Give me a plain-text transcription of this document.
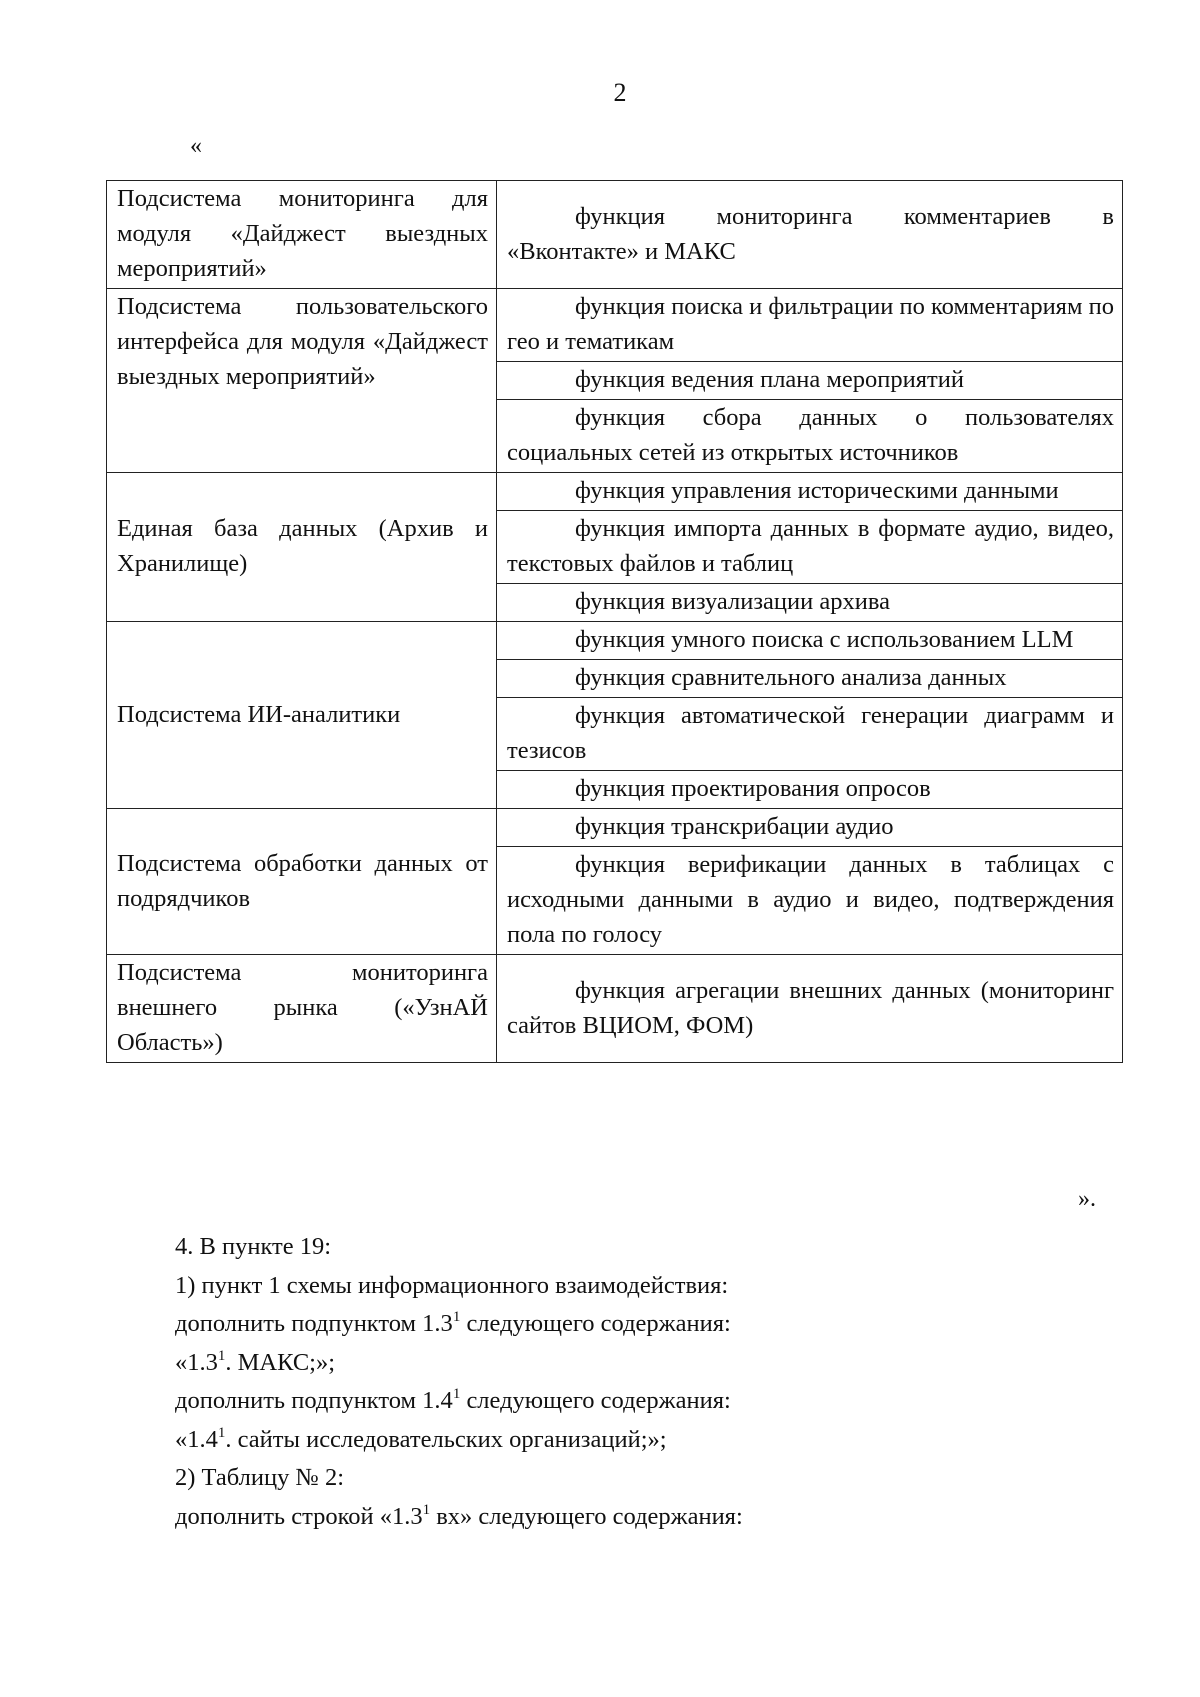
2
«
Подсистема мониторинга для модуля «Дайджест выездных мероприятий»	функция мониторинга комментариев в «Вконтакте» и МАКС

Подсистема пользовательского интерфейса для модуля «Дайджест выездных мероприятий»	функция поиска и фильтрации по комментариям по гео и тематикам

	функция ведения плана мероприятий

	функция сбора данных о пользователях социальных сетей из открытых источников

Единая база данных (Архив и Хранилище)	функция управления историческими данными

	функция импорта данных в формате аудио, видео, текстовых файлов и таблиц

	функция визуализации архива

Подсистема ИИ-аналитики	функция умного поиска с использованием LLM

	функция сравнительного анализа данных

	функция автоматической генерации диаграмм и тезисов

	функция проектирования опросов

Подсистема обработки данных от подрядчиков	функция транскрибации аудио

	функция верификации данных в таблицах с исходными данными в аудио и видео, подтверждения пола по голосу

Подсистема мониторинга внешнего рынка («УзнАЙ Область»)	функция агрегации внешних данных (мониторинг сайтов ВЦИОМ, ФОМ)
».

4. В пункте 19:

1) пункт 1 схемы информационного взаимодействия:

дополнить подпунктом $1.3^1$ следующего содержания:

«$1.3^1$. МАКС;»;

дополнить подпунктом $1.4^1$ следующего содержания:

«$1.4^1$. сайты исследовательских организаций;»;

2) Таблицу № 2:

дополнить строкой «$1.3^1$ вх» следующего содержания:
